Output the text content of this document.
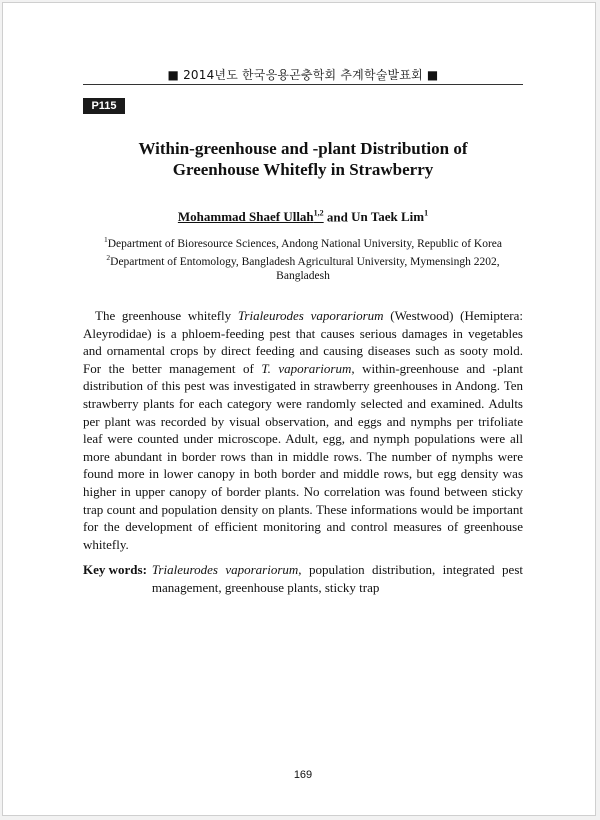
■ 2014년도 한국응용곤충학회 추계학술발표회 ■
P115
Within-greenhouse and -plant Distribution of
Greenhouse Whitefly in Strawberry
Mohammad Shaef Ullah$^{1,2}$ and Un Taek Lim$^1$
$^1$Department of Bioresource Sciences, Andong National University, Republic of Korea
$^2$Department of Entomology, Bangladesh Agricultural University, Mymensingh 2202,
Bangladesh

The greenhouse whitefly Trialeurodes vaporariorum (Westwood) (Hemiptera: Aleyrodidae) is a phloem-feeding pest that causes serious damages in vegetables and ornamental crops by direct feeding and causing diseases such as sooty mold. For the better management of T. vaporariorum, within-greenhouse and -plant distribution of this pest was investigated in strawberry greenhouses in Andong. Ten strawberry plants for each category were randomly selected and examined. Adults per plant was recorded by visual observation, and eggs and nymphs per trifoliate leaf were counted under microscope. Adult, egg, and nymph populations were all more abundant in border rows than in middle rows. The number of nymphs were found more in lower canopy in both border and middle rows, but egg density was higher in upper canopy of border plants. No correlation was found between sticky trap count and population density on plants. These informations would be important for the development of efficient monitoring and control measures of greenhouse whitefly.

Key words: Trialeurodes vaporariorum, population distribution, integrated pest management, greenhouse plants, sticky trap
169
